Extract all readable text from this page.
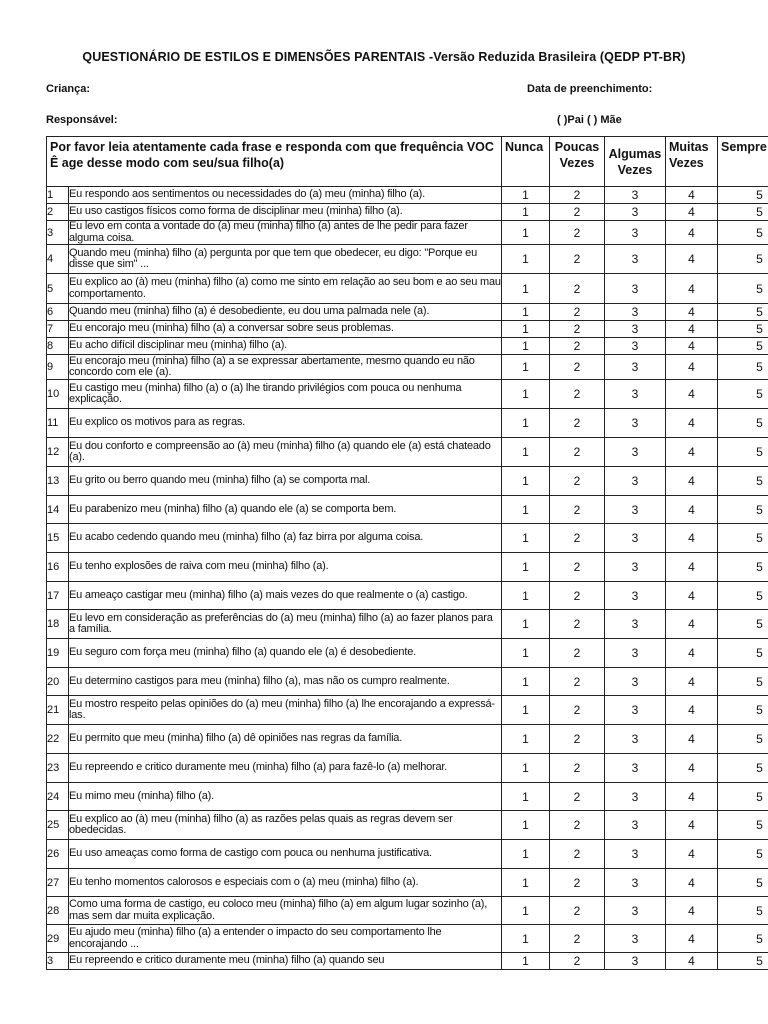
QUESTIONÁRIO DE ESTILOS E DIMENSÕES PARENTAIS -Versão Reduzida Brasileira (QEDP PT-BR)
Criança:	Data de preenchimento:
Responsável:	( )Pai ( ) Mãe
Por favor leia atentamente cada frase e responda com que frequência VOCÊ age desse modo com seu/sua filho(a)		Nunca	Poucas Vezes	Algumas Vezes	Muitas Vezes	Sempre
1	Eu respondo aos sentimentos ou necessidades do (a) meu (minha) filho (a).	1	2	3	4	5
2	Eu uso castigos físicos como forma de disciplinar meu (minha) filho (a).	1	2	3	4	5
3	Eu levo em conta a vontade do (a) meu (minha) filho (a) antes de lhe pedir para fazer alguma coisa.	1	2	3	4	5
4	Quando meu (minha) filho (a) pergunta por que tem que obedecer, eu digo: "Porque eu disse que sim" ...	1	2	3	4	5
5	Eu explico ao (à) meu (minha) filho (a) como me sinto em relação ao seu bom e ao seu mau comportamento.	1	2	3	4	5
6	Quando meu (minha) filho (a) é desobediente, eu dou uma palmada nele (a).	1	2	3	4	5
7	Eu encorajo meu (minha) filho (a) a conversar sobre seus problemas.	1	2	3	4	5
8	Eu acho difícil disciplinar meu (minha) filho (a).	1	2	3	4	5
9	Eu encorajo meu (minha) filho (a) a se expressar abertamente, mesmo quando eu não concordo com ele (a).	1	2	3	4	5
10	Eu castigo meu (minha) filho (a) o (a) lhe tirando privilégios com pouca ou nenhuma explicação.	1	2	3	4	5
11	Eu explico os motivos para as regras.	1	2	3	4	5
12	Eu dou conforto e compreensão ao (à) meu (minha) filho (a) quando ele (a) está chateado (a).	1	2	3	4	5
13	Eu grito ou berro quando meu (minha) filho (a) se comporta mal.	1	2	3	4	5
14	Eu parabenizo meu (minha) filho (a) quando ele (a) se comporta bem.	1	2	3	4	5
15	Eu acabo cedendo quando meu (minha) filho (a) faz birra por alguma coisa.	1	2	3	4	5
16	Eu tenho explosões de raiva com meu (minha) filho (a).	1	2	3	4	5
17	Eu ameaço castigar meu (minha) filho (a) mais vezes do que realmente o (a) castigo.	1	2	3	4	5
18	Eu levo em consideração as preferências do (a) meu (minha) filho (a) ao fazer planos para a família.	1	2	3	4	5
19	Eu seguro com força meu (minha) filho (a) quando ele (a) é desobediente.	1	2	3	4	5
20	Eu determino castigos para meu (minha) filho (a), mas não os cumpro realmente.	1	2	3	4	5
21	Eu mostro respeito pelas opiniões do (a) meu (minha) filho (a) lhe encorajando a expressá-las.	1	2	3	4	5
22	Eu permito que meu (minha) filho (a) dê opiniões nas regras da família.	1	2	3	4	5
23	Eu repreendo e critico duramente meu (minha) filho (a) para fazê-lo (a) melhorar.	1	2	3	4	5
24	Eu mimo meu (minha) filho (a).	1	2	3	4	5
25	Eu explico ao (à) meu (minha) filho (a) as razões pelas quais as regras devem ser obedecidas.	1	2	3	4	5
26	Eu uso ameaças como forma de castigo com pouca ou nenhuma justificativa.	1	2	3	4	5
27	Eu tenho momentos calorosos e especiais com o (a) meu (minha) filho (a).	1	2	3	4	5
28	Como uma forma de castigo, eu coloco meu (minha) filho (a) em algum lugar sozinho (a), mas sem dar muita explicação.	1	2	3	4	5
29	Eu ajudo meu (minha) filho (a) a entender o impacto do seu comportamento lhe encorajando ...	1	2	3	4	5
3	Eu repreendo e critico duramente meu (minha) filho (a) quando seu	1	2	3	4	5
